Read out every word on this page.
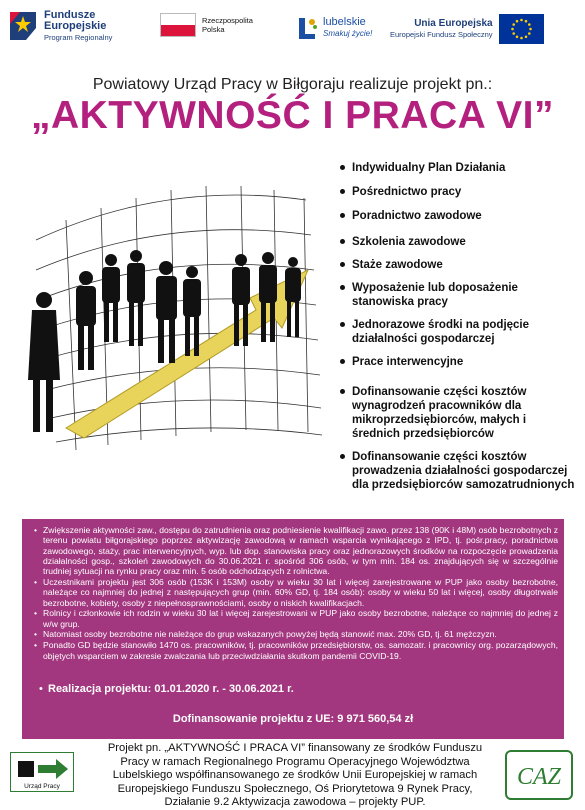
Fundusze
Europejskie
Program Regionalny
Rzeczpospolita
Polska
lubelskie
Smakuj życie!
Unia Europejska
Europejski Fundusz Społeczny
Powiatowy Urząd Pracy w Biłgoraju realizuje projekt pn.:
„AKTYWNOŚĆ I PRACA VI”
Indywidualny Plan Działania
Pośrednictwo pracy
Poradnictwo zawodowe
Szkolenia zawodowe
Staże zawodowe
Wyposażenie lub doposażenie stanowiska pracy
Jednorazowe środki na podjęcie działalności gospodarczej
Prace interwencyjne
Dofinansowanie części kosztów wynagrodzeń pracowników dla mikroprzedsiębiorców, małych i średnich przedsiębiorców
Dofinansowanie części kosztów prowadzenia działalności gospodarczej dla przedsiębiorców samozatrudnionych
• Zwiększenie aktywności zaw., dostępu do zatrudnienia oraz podniesienie kwalifikacji zawo. przez 138 (90K i 48M) osób bezrobotnych z terenu powiatu biłgorajskiego poprzez aktywizację zawodową w ramach wsparcia wynikającego z IPD, tj. pośr.pracy, poradnictwa zawodowego, staży, prac interwencyjnych, wyp. lub dop. stanowiska pracy oraz jednorazowych środków na rozpoczęcie prowadzenia działalności gosp., szkoleń zawodowych do 30.06.2021 r. spośród 306 osób, w tym min. 184 os. znajdujących się w szczególnie trudniej sytuacji na rynku pracy oraz min. 5 osób odchodzących z rolnictwa.
• Uczestnikami projektu jest 306 osób (153K i 153M) osoby w wieku 30 lat i więcej zarejestrowane w PUP jako osoby bezrobotne, należące co najmniej do jednej z następujących grup (min. 60% GD, tj. 184 osób): osoby w wieku 50 lat i więcej, osoby długotrwale bezrobotne, kobiety, osoby z niepełnosprawnościami, osoby o niskich kwalifikacjach.
• Rolnicy i członkowie ich rodzin w wieku 30 lat i więcej zarejestrowani w PUP jako osoby bezrobotne, należące co najmniej do jednej z w/w grup.
• Natomiast osoby bezrobotne nie należące do grup wskazanych powyżej będą stanowić max. 20% GD, tj. 61 mężczyzn.
• Ponadto GD będzie stanowiło 1470 os. pracowników, tj. pracowników przedsiębiorstw, os. samozatr. i pracownicy org. pozarządowych, objętych wsparciem w zakresie zwalczania lub przeciwdziałania skutkom pandemii COVID-19.
• Realizacja projektu: 01.01.2020 r. - 30.06.2021 r.
Dofinansowanie projektu z UE: 9 971 560,54 zł
Urząd Pracy
Projekt pn. „AKTYWNOŚĆ I PRACA VI” finansowany ze środków Funduszu
Pracy w ramach Regionalnego Programu Operacyjnego Województwa
Lubelskiego współfinansowanego ze środków Unii Europejskiej w ramach
Europejskiego Funduszu Społecznego, Oś Priorytetowa 9 Rynek Pracy,
Działanie 9.2 Aktywizacja zawodowa – projekty PUP.
CAZ
